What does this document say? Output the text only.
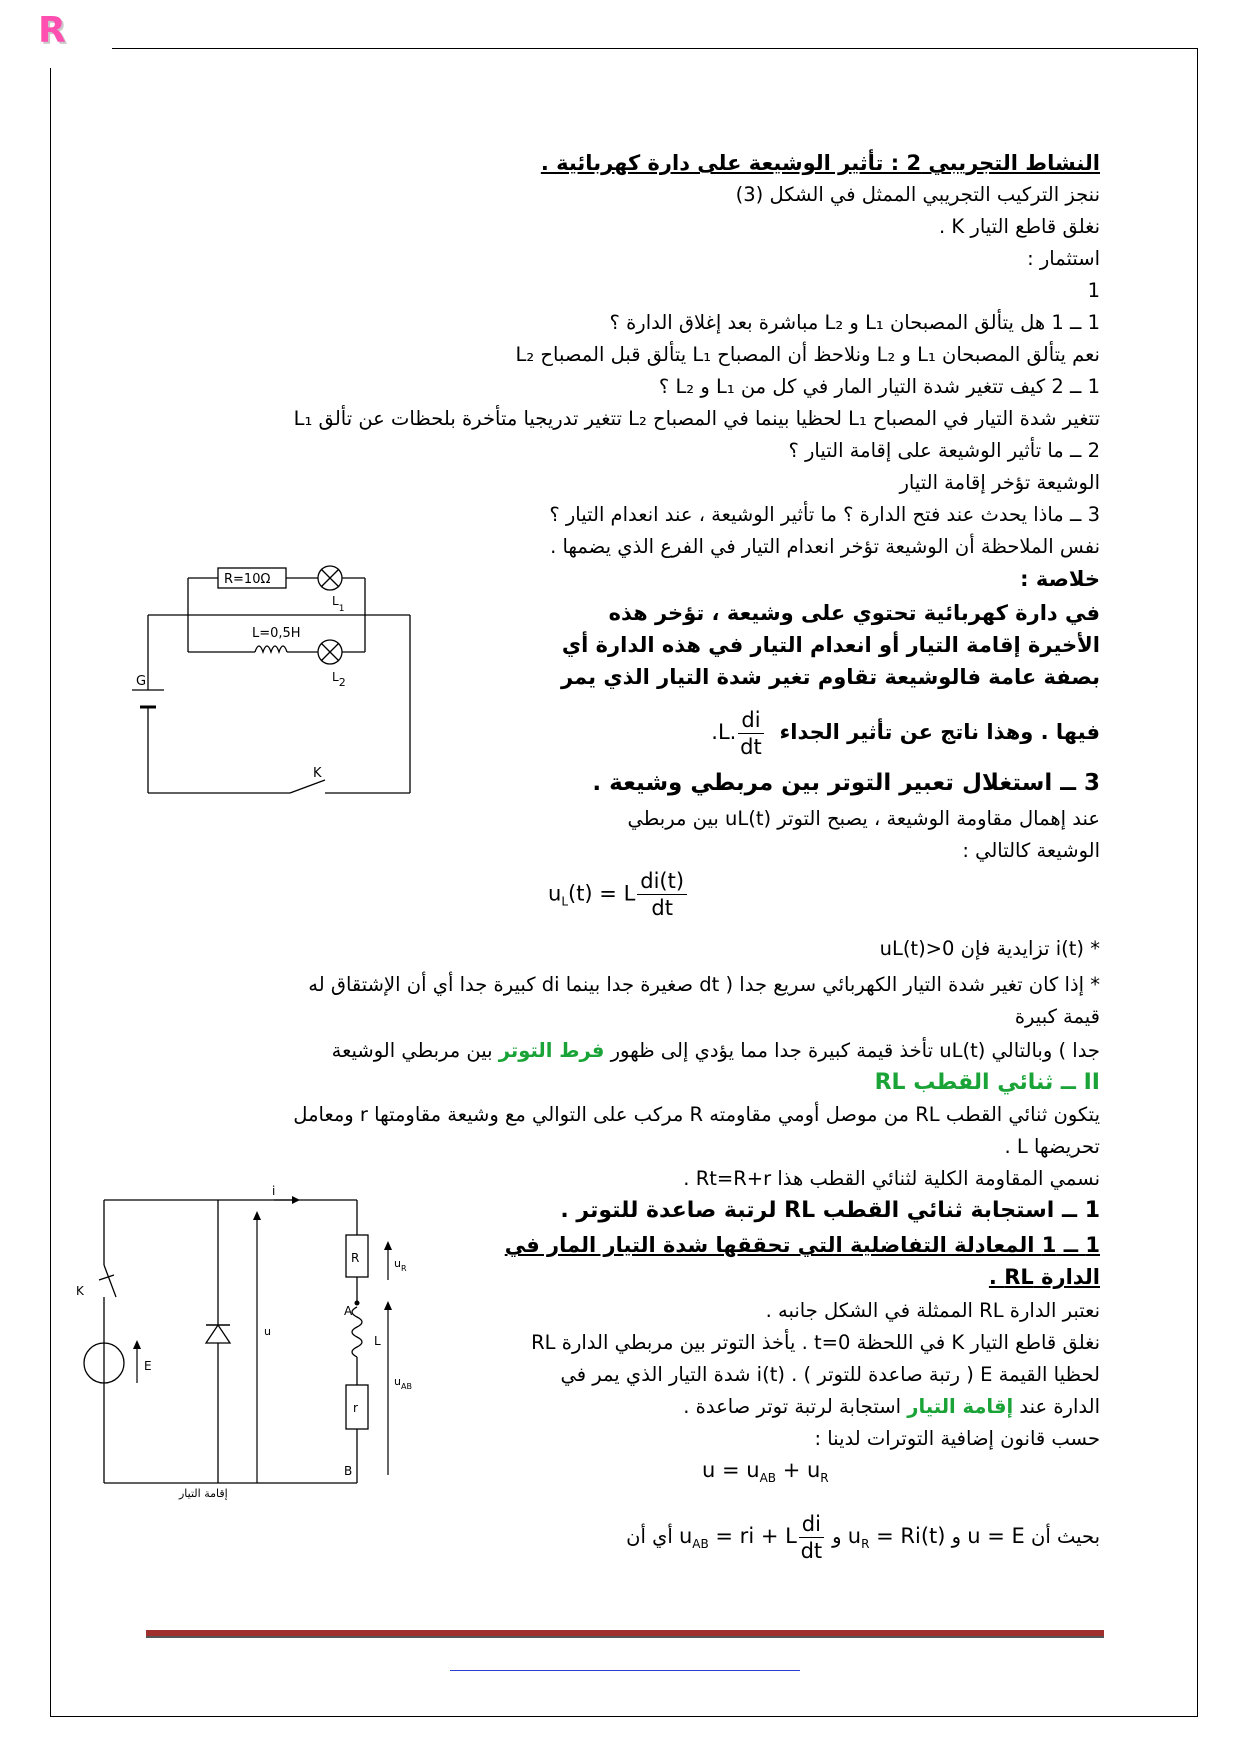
R
النشاط التجريبي 2 : تأثير الوشيعة على دارة كهربائية .
ننجز التركيب التجريبي الممثل في الشكل (3)
نغلق قاطع التيار K .
استثمار :
1
1 ــ 1 هل يتألق المصبحان L₁ و L₂ مباشرة بعد إغلاق الدارة ؟
نعم يتألق المصبحان L₁ و L₂ ونلاحظ أن المصباح L₁ يتألق قبل المصباح L₂
1 ــ 2 كيف تتغير شدة التيار المار في كل من L₁ و L₂ ؟
تتغير شدة التيار في المصباح L₁ لحظيا بينما في المصباح L₂ تتغير تدريجيا متأخرة بلحظات عن تألق L₁
2 ــ ما تأثير الوشيعة على إقامة التيار ؟
الوشيعة تؤخر إقامة التيار
3 ــ ماذا يحدث عند فتح الدارة ؟ ما تأثير الوشيعة ، عند انعدام التيار ؟
نفس الملاحظة أن الوشيعة تؤخر انعدام التيار في الفرع الذي يضمها .
خلاصة :
في دارة كهربائية تحتوي على وشيعة ، تؤخر هذه
الأخيرة إقامة التيار أو انعدام التيار في هذه الدارة أي
بصفة عامة فالوشيعة تقاوم تغير شدة التيار الذي يمر
فيها . وهذا ناتج عن تأثير الجداء L. $\frac{di}{dt}$
.
3 ــ استغلال تعبير التوتر بين مربطي وشيعة .
عند إهمال مقاومة الوشيعة ، يصبح التوتر uL(t) بين مربطي
الوشيعة كالتالي :
$u_L(t) = L \frac{di(t)}{dt}$
* i(t) تزايدية فإن uL(t)>0
* إذا كان تغير شدة التيار الكهربائي سريع جدا ( dt صغيرة جدا بينما di كبيرة جدا أي أن الإشتقاق له
قيمة كبيرة
جدا ) وبالتالي uL(t) تأخذ قيمة كبيرة جدا مما يؤدي إلى ظهور فرط التوتر بين مربطي الوشيعة
II ــ ثنائي القطب RL
يتكون ثنائي القطب RL من موصل أومي مقاومته R مركب على التوالي مع وشيعة مقاومتها r ومعامل
تحريضها L .
نسمي المقاومة الكلية لثنائي القطب هذا Rt=R+r .
1 ــ استجابة ثنائي القطب RL لرتبة صاعدة للتوتر .
1 ــ 1 المعادلة التفاضلية التي تحققها شدة التيار المار في
الدارة RL .
نعتبر الدارة RL الممثلة في الشكل جانبه .
نغلق قاطع التيار K في اللحظة t=0 . يأخذ التوتر بين مربطي الدارة RL
لحظيا القيمة E ( رتبة صاعدة للتوتر ) . i(t) شدة التيار الذي يمر في
الدارة عند إقامة التيار استجابة لرتبة توتر صاعدة .
حسب قانون إضافية التوترات لدينا :
$u = u_{AB} + u_R$
بحيث أن u = E و $u_R = Ri(t)$ و $u_{AB}$ = ri + L $\frac{di}{dt}$
أي أن
K
G
R=10Ω
$L_1$
L=0,5H
L2
K
E
u
i
R
A
L
r
B
$u_R$
$u_{AB}$
إقامة التيار
